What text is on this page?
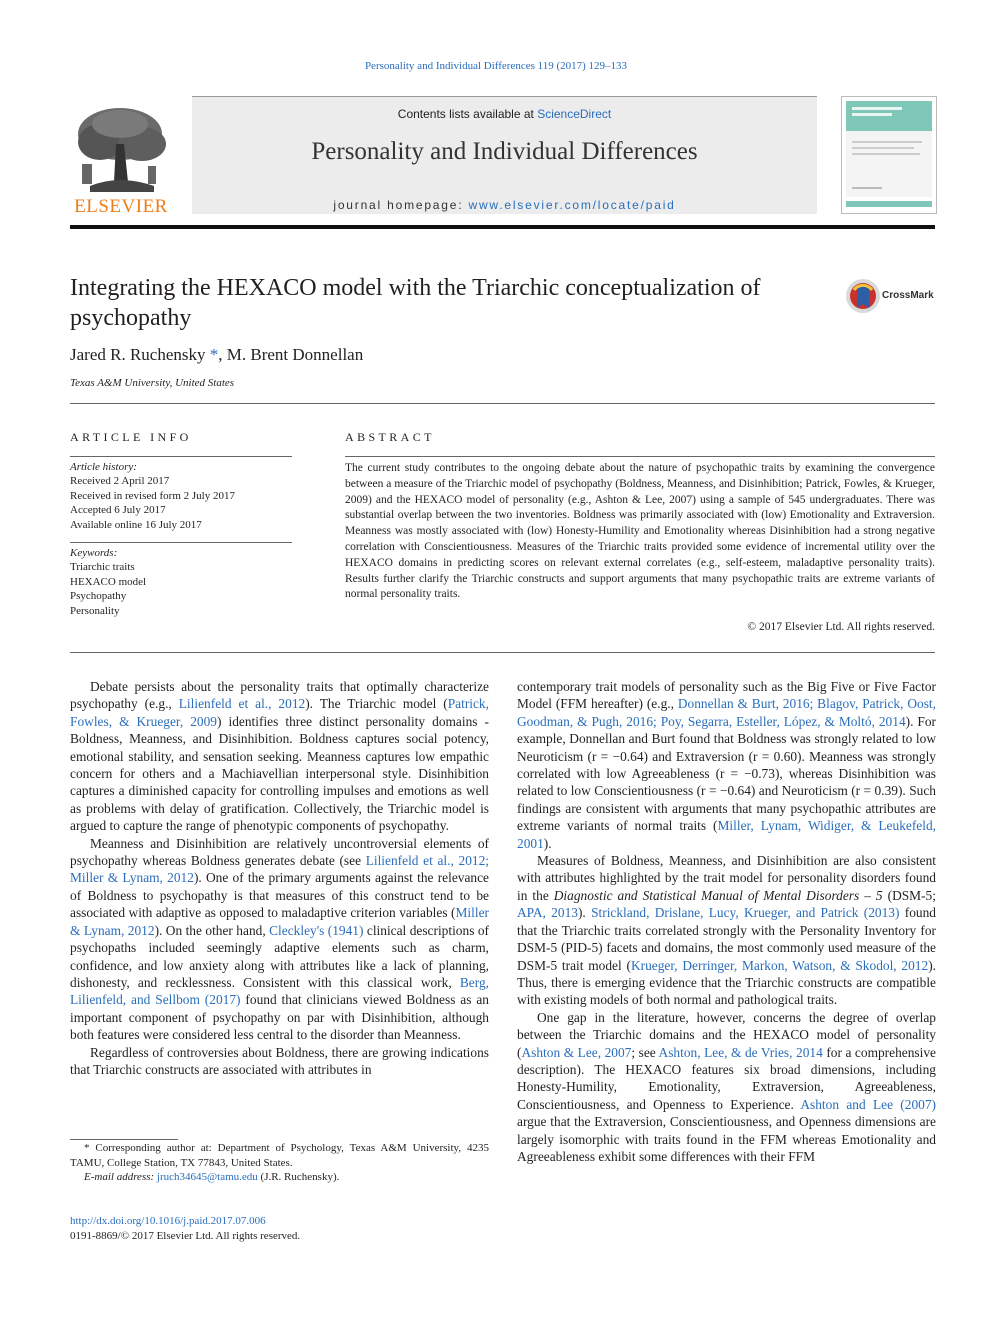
Personality and Individual Differences 119 (2017) 129–133
Contents lists available at ScienceDirect
Personality and Individual Differences
journal homepage: www.elsevier.com/locate/paid
ELSEVIER
Integrating the HEXACO model with the Triarchic conceptualization of psychopathy
CrossMark
Jared R. Ruchensky *, M. Brent Donnellan
Texas A&M University, United States
ARTICLE INFO
Article history:
Received 2 April 2017
Received in revised form 2 July 2017
Accepted 6 July 2017
Available online 16 July 2017
Keywords:
Triarchic traits
HEXACO model
Psychopathy
Personality
ABSTRACT
The current study contributes to the ongoing debate about the nature of psychopathic traits by examining the convergence between a measure of the Triarchic model of psychopathy (Boldness, Meanness, and Disinhibition; Patrick, Fowles, & Krueger, 2009) and the HEXACO model of personality (e.g., Ashton & Lee, 2007) using a sample of 545 undergraduates. There was substantial overlap between the two inventories. Boldness was primarily associated with (low) Emotionality and Extraversion. Meanness was mostly associated with (low) Honesty-Humility and Emotionality whereas Disinhibition had a strong negative correlation with Conscientiousness. Measures of the Triarchic traits provided some evidence of incremental utility over the HEXACO domains in predicting scores on relevant external correlates (e.g., self-esteem, maladaptive personality traits). Results further clarify the Triarchic constructs and support arguments that many psychopathic traits are extreme variants of normal personality traits.
© 2017 Elsevier Ltd. All rights reserved.

Debate persists about the personality traits that optimally characterize psychopathy (e.g., Lilienfeld et al., 2012). The Triarchic model (Patrick, Fowles, & Krueger, 2009) identifies three distinct personality domains - Boldness, Meanness, and Disinhibition. Boldness captures social potency, emotional stability, and sensation seeking. Meanness captures low empathic concern for others and a Machiavellian interpersonal style. Disinhibition captures a diminished capacity for controlling impulses and emotions as well as problems with delay of gratification. Collectively, the Triarchic model is argued to capture the range of phenotypic components of psychopathy.

Meanness and Disinhibition are relatively uncontroversial elements of psychopathy whereas Boldness generates debate (see Lilienfeld et al., 2012; Miller & Lynam, 2012). One of the primary arguments against the relevance of Boldness to psychopathy is that measures of this construct tend to be associated with adaptive as opposed to maladaptive criterion variables (Miller & Lynam, 2012). On the other hand, Cleckley's (1941) clinical descriptions of psychopaths included seemingly adaptive elements such as charm, confidence, and low anxiety along with attributes like a lack of planning, dishonesty, and recklessness. Consistent with this classical work, Berg, Lilienfeld, and Sellbom (2017) found that clinicians viewed Boldness as an important component of psychopathy on par with Disinhibition, although both features were considered less central to the disorder than Meanness.

Regardless of controversies about Boldness, there are growing indications that Triarchic constructs are associated with attributes in

* Corresponding author at: Department of Psychology, Texas A&M University, 4235 TAMU, College Station, TX 77843, United States.

E-mail address: jruch34645@tamu.edu (J.R. Ruchensky).

contemporary trait models of personality such as the Big Five or Five Factor Model (FFM hereafter) (e.g., Donnellan & Burt, 2016; Blagov, Patrick, Oost, Goodman, & Pugh, 2016; Poy, Segarra, Esteller, López, & Moltó, 2014). For example, Donnellan and Burt found that Boldness was strongly related to low Neuroticism (r = −0.64) and Extraversion (r = 0.60). Meanness was strongly correlated with low Agreeableness (r = −0.73), whereas Disinhibition was related to low Conscientiousness (r = −0.64) and Neuroticism (r = 0.39). Such findings are consistent with arguments that many psychopathic attributes are extreme variants of normal traits (Miller, Lynam, Widiger, & Leukefeld, 2001).

Measures of Boldness, Meanness, and Disinhibition are also consistent with attributes highlighted by the trait model for personality disorders found in the Diagnostic and Statistical Manual of Mental Disorders – 5 (DSM-5; APA, 2013). Strickland, Drislane, Lucy, Krueger, and Patrick (2013) found that the Triarchic traits correlated strongly with the Personality Inventory for DSM-5 (PID-5) facets and domains, the most commonly used measure of the DSM-5 trait model (Krueger, Derringer, Markon, Watson, & Skodol, 2012). Thus, there is emerging evidence that the Triarchic constructs are compatible with existing models of both normal and pathological traits.

One gap in the literature, however, concerns the degree of overlap between the Triarchic domains and the HEXACO model of personality (Ashton & Lee, 2007; see Ashton, Lee, & de Vries, 2014 for a comprehensive description). The HEXACO features six broad dimensions, including Honesty-Humility, Emotionality, Extraversion, Agreeableness, Conscientiousness, and Openness to Experience. Ashton and Lee (2007) argue that the Extraversion, Conscientiousness, and Openness dimensions are largely isomorphic with traits found in the FFM whereas Emotionality and Agreeableness exhibit some differences with their FFM

http://dx.doi.org/10.1016/j.paid.2017.07.006
0191-8869/© 2017 Elsevier Ltd. All rights reserved.
